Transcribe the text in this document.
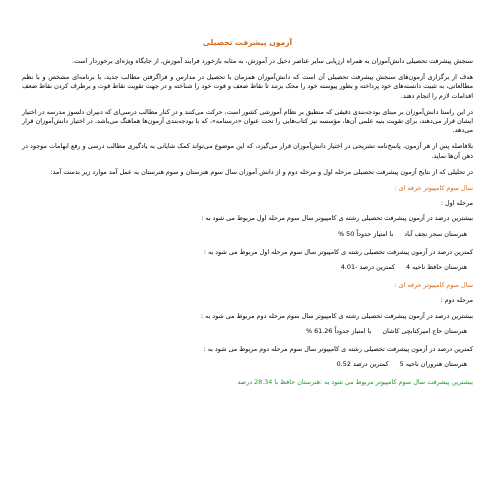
آزمون پیشرفت تحصیلی
سنجش پیشرفت تحصیلی دانش‌آموزان به همراه ارزیابی سایر عناصر دخیل در آموزش، به مثابه بازخورد فرایند آموزش، از جایگاه ویژه‌ای برخوردار است.
هدف از برگزاری آزمون‌های سنجش پیشرفت تحصیلی آن است که دانش‌آموزان همزمان با تحصیل در مدارس و فراگرفتن مطالب جدید، با برنامه‌ای مشخص و با نظم مطالعاتی، به تثبیت دانسته‌های خود پرداخته و بطور پیوسته خود را محک بزنند تا نقاط ضعف و قوت خود را شناخته و در جهت تقویت نقاط قوت و برطرف کردن نقاط ضعف اقدامات لازم را انجام دهند.
در این راستا دانش‌آموزان بر مبنای بودجه‌بندی دقیقی که منطبق بر نظام آموزشی کشور است، حرکت می‌کنند و در کنار مطالب درسی‌ای که دبیران دلسوز مدرسه در اختیار ایشان قرار می‌دهند، برای تقویت بنیه علمی آن‌ها، مؤسسه نیز کتاب‌هایی را تحت عنوان «درسنامه»، که با بودجه‌بندی آزمون‌ها هماهنگ می‌باشد، در اختیار دانش‌آموزان قرار می‌دهد.
بلافاصله پس از هر آزمون، پاسخ‌نامه تشریحی در اختیار دانش‌آموزان قرار می‌گیرد، که این موضوع می‌تواند کمک شایانی به یادگیری مطالب درسی و رفع ابهامات موجود در ذهن آن‌ها نماید.
در تحلیلی که از نتایج آزمون پیشرفت تحصیلی مرحله اول و مرحله دوم و از دانش آموزان سال سوم هنرستان و سوم هنرستان به عمل آمد موارد زیر بدست آمد:
سال سوم کامپیوتر حرفه ای :
مرحله اول :
بیشترین درصد در آزمون پیشرفت تحصیلی رشته ی کامپیوتر سال سوم مرحله اول مربوط می شود به :
هنرستان سحر نجف آباد با امتیاز حدوداً 50 %
کمترین درصد در آزمون پیشرفت تحصیلی رشته ی کامپیوتر سال سوم مرحله اول مربوط می شود به :
هنرستان حافظ ناحیه 4 کمترین درصد -4.01
سال سوم کامپیوتر حرفه ای :
مرحله دوم :
بیشترین درصد در آزمون پیشرفت تحصیلی رشته ی کامپیوتر سال سوم مرحله دوم مربوط می شود به :
هنرستان حاج امیرکتابچی کاشان با امتیاز حدوداً 61.26 %
کمترین درصد در آزمون پیشرفت تحصیلی رشته ی کامپیوتر سال سوم مرحله دوم مربوط می شود به :
هنرستان هنروران ناحیه 5 کمترین درصد 0.52
بیشترین پیشرفت سال سوم کامپیوتر مربوط می شود به :هنرستان حافظ با 28.34 درصد
